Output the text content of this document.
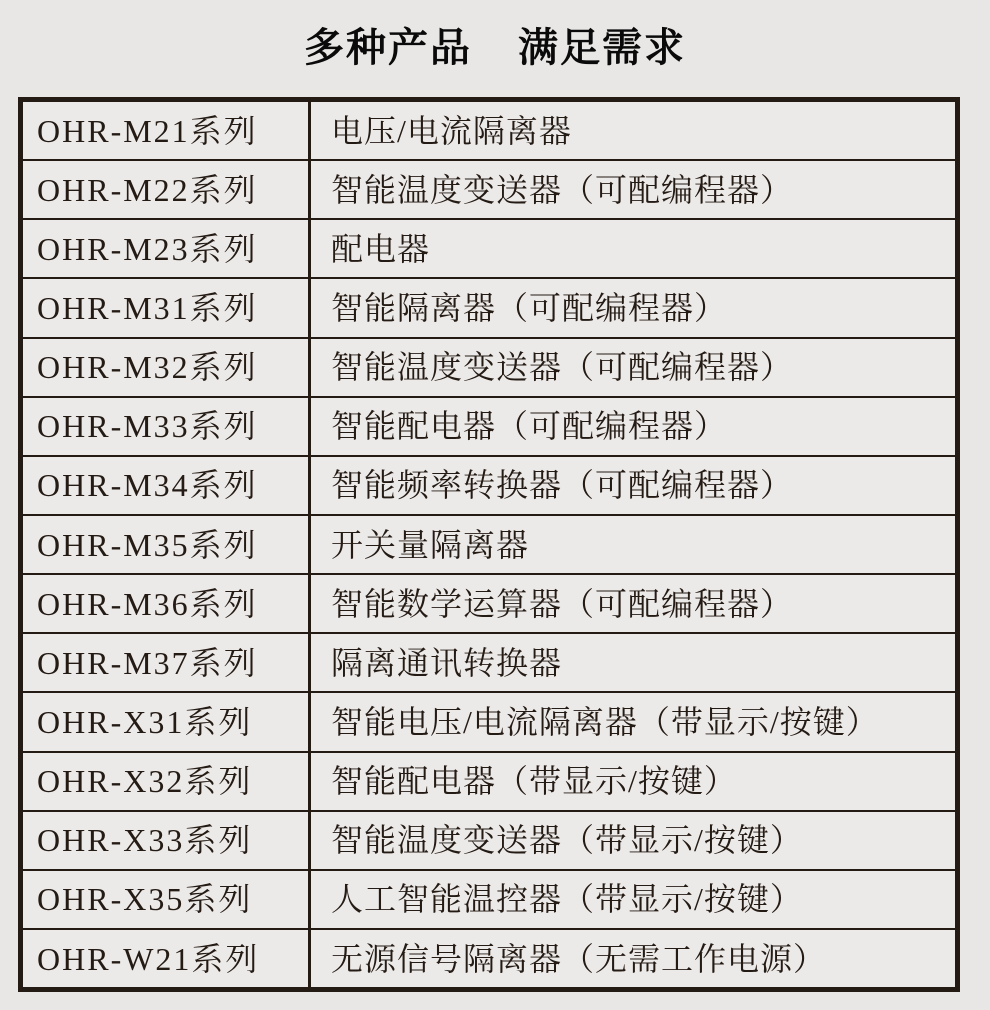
多种产品 满足需求
OHR-M21系列	电压/电流隔离器
OHR-M22系列	智能温度变送器（可配编程器）
OHR-M23系列	配电器
OHR-M31系列	智能隔离器（可配编程器）
OHR-M32系列	智能温度变送器（可配编程器）
OHR-M33系列	智能配电器（可配编程器）
OHR-M34系列	智能频率转换器（可配编程器）
OHR-M35系列	开关量隔离器
OHR-M36系列	智能数学运算器（可配编程器）
OHR-M37系列	隔离通讯转换器
OHR-X31系列	智能电压/电流隔离器（带显示/按键）
OHR-X32系列	智能配电器（带显示/按键）
OHR-X33系列	智能温度变送器（带显示/按键）
OHR-X35系列	人工智能温控器（带显示/按键）
OHR-W21系列	无源信号隔离器（无需工作电源）
